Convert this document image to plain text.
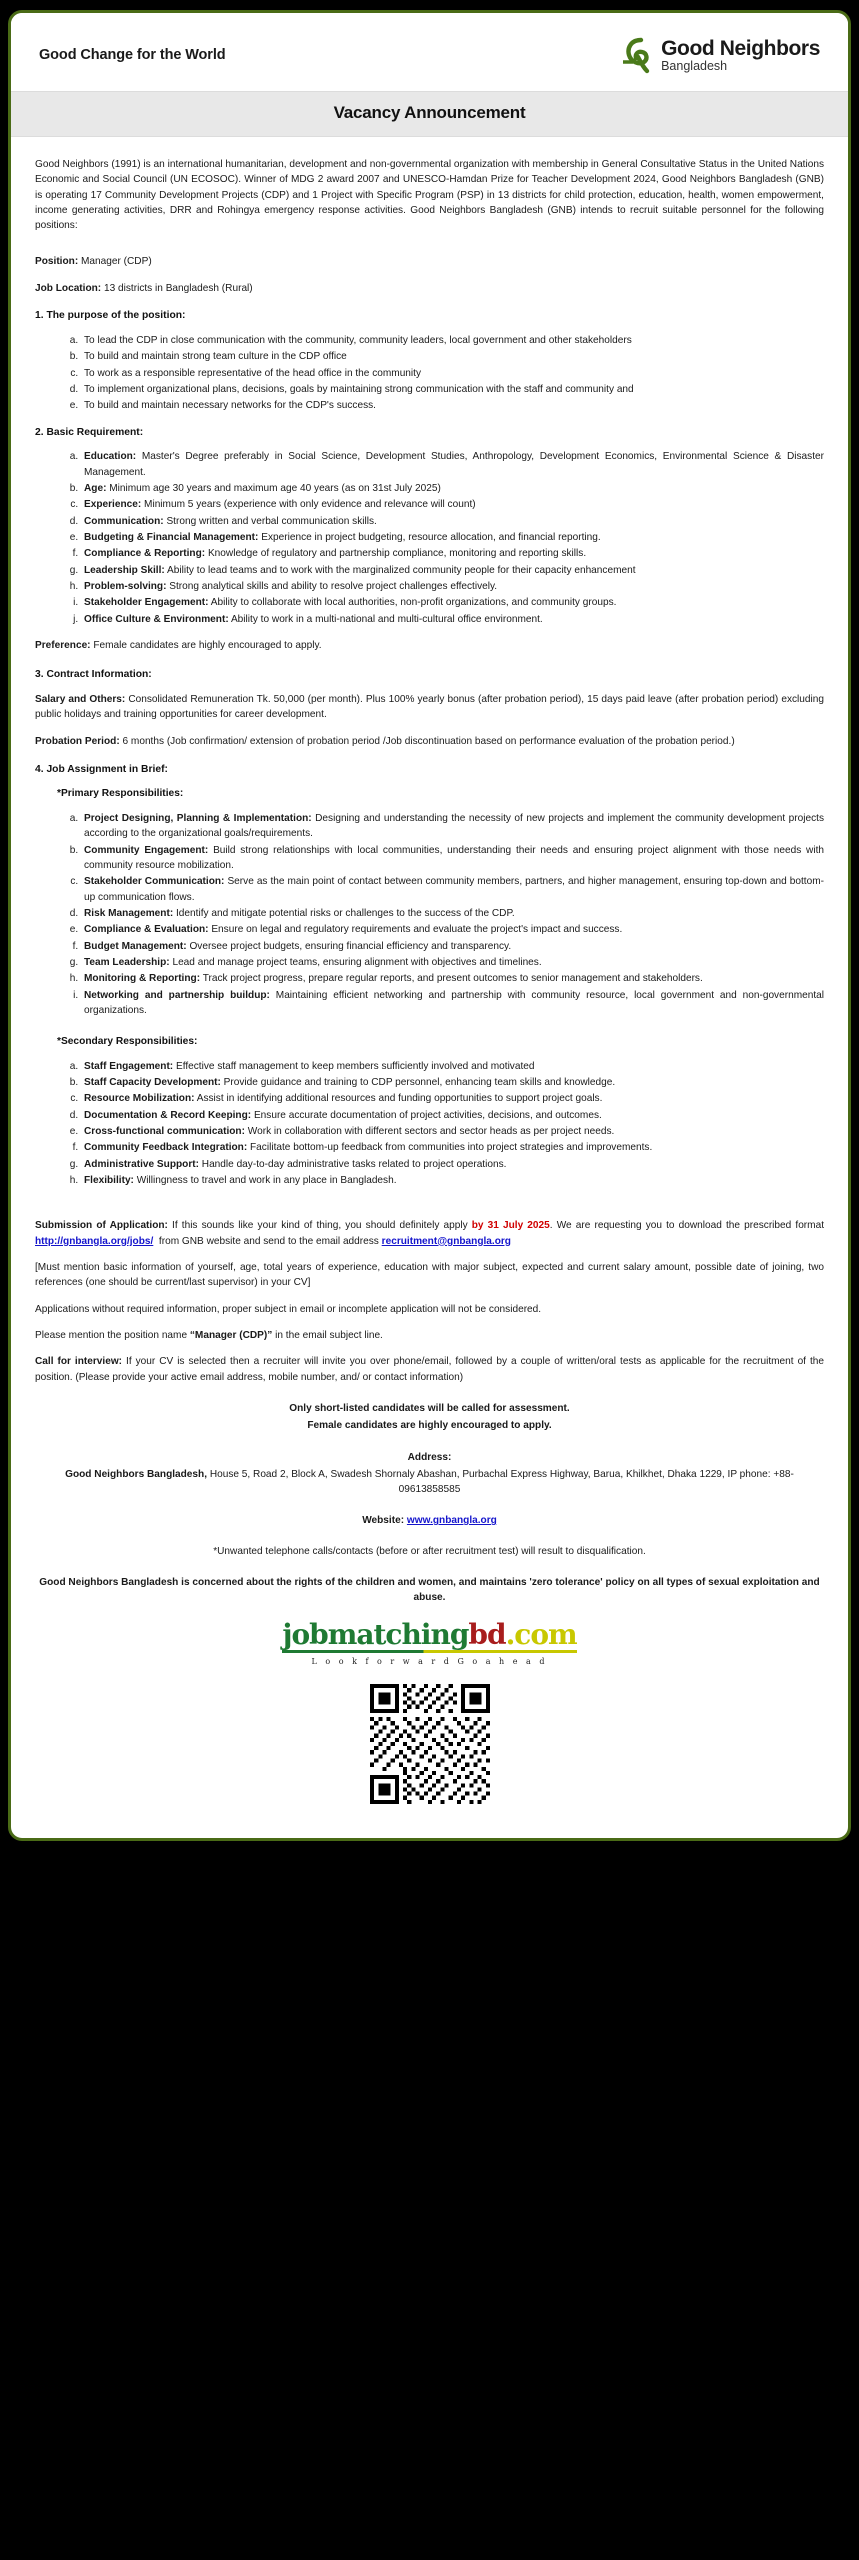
Good Change for the World	Good Neighbors
Bangladesh
Vacancy Announcement

Good Neighbors (1991) is an international humanitarian, development and non-governmental organization with membership in General Consultative Status in the United Nations Economic and Social Council (UN ECOSOC). Winner of MDG 2 award 2007 and UNESCO-Hamdan Prize for Teacher Development 2024, Good Neighbors Bangladesh (GNB) is operating 17 Community Development Projects (CDP) and 1 Project with Specific Program (PSP) in 13 districts for child protection, education, health, women empowerment, income generating activities, DRR and Rohingya emergency response activities. Good Neighbors Bangladesh (GNB) intends to recruit suitable personnel for the following positions:

Position: Manager (CDP)
Job Location: 13 districts in Bangladesh (Rural)
1. The purpose of the position:
a. To lead the CDP in close communication with the community, community leaders, local government and other stakeholders
b. To build and maintain strong team culture in the CDP office
c. To work as a responsible representative of the head office in the community
d. To implement organizational plans, decisions, goals by maintaining strong communication with the staff and community and
e. To build and maintain necessary networks for the CDP's success.
2. Basic Requirement:
a. Education: Master's Degree preferably in Social Science, Development Studies, Anthropology, Development Economics, Environmental Science & Disaster Management.
b. Age: Minimum age 30 years and maximum age 40 years (as on 31st July 2025)
c. Experience: Minimum 5 years (experience with only evidence and relevance will count)
d. Communication: Strong written and verbal communication skills.
e. Budgeting & Financial Management: Experience in project budgeting, resource allocation, and financial reporting.
f. Compliance & Reporting: Knowledge of regulatory and partnership compliance, monitoring and reporting skills.
g. Leadership Skill: Ability to lead teams and to work with the marginalized community people for their capacity enhancement
h. Problem-solving: Strong analytical skills and ability to resolve project challenges effectively.
i. Stakeholder Engagement: Ability to collaborate with local authorities, non-profit organizations, and community groups.
j. Office Culture & Environment: Ability to work in a multi-national and multi-cultural office environment.
Preference: Female candidates are highly encouraged to apply.
3. Contract Information:

Salary and Others: Consolidated Remuneration Tk. 50,000 (per month). Plus 100% yearly bonus (after probation period), 15 days paid leave (after probation period) excluding public holidays and training opportunities for career development.

Probation Period: 6 months (Job confirmation/ extension of probation period /Job discontinuation based on performance evaluation of the probation period.)

4. Job Assignment in Brief:
*Primary Responsibilities:
a. Project Designing, Planning & Implementation: Designing and understanding the necessity of new projects and implement the community development projects according to the organizational goals/requirements.
b. Community Engagement: Build strong relationships with local communities, understanding their needs and ensuring project alignment with those needs with community resource mobilization.
c. Stakeholder Communication: Serve as the main point of contact between community members, partners, and higher management, ensuring top-down and bottom-up communication flows.
d. Risk Management: Identify and mitigate potential risks or challenges to the success of the CDP.
e. Compliance & Evaluation: Ensure on legal and regulatory requirements and evaluate the project's impact and success.
f. Budget Management: Oversee project budgets, ensuring financial efficiency and transparency.
g. Team Leadership: Lead and manage project teams, ensuring alignment with objectives and timelines.
h. Monitoring & Reporting: Track project progress, prepare regular reports, and present outcomes to senior management and stakeholders.
i. Networking and partnership buildup: Maintaining efficient networking and partnership with community resource, local government and non-governmental organizations.
*Secondary Responsibilities:
a. Staff Engagement: Effective staff management to keep members sufficiently involved and motivated
b. Staff Capacity Development: Provide guidance and training to CDP personnel, enhancing team skills and knowledge.
c. Resource Mobilization: Assist in identifying additional resources and funding opportunities to support project goals.
d. Documentation & Record Keeping: Ensure accurate documentation of project activities, decisions, and outcomes.
e. Cross-functional communication: Work in collaboration with different sectors and sector heads as per project needs.
f. Community Feedback Integration: Facilitate bottom-up feedback from communities into project strategies and improvements.
g. Administrative Support: Handle day-to-day administrative tasks related to project operations.
h. Flexibility: Willingness to travel and work in any place in Bangladesh.

Submission of Application: If this sounds like your kind of thing, you should definitely apply by 31 July 2025. We are requesting you to download the prescribed format http://gnbangla.org/jobs/ from GNB website and send to the email address recruitment@gnbangla.org

[Must mention basic information of yourself, age, total years of experience, education with major subject, expected and current salary amount, possible date of joining, two references (one should be current/last supervisor) in your CV]

Applications without required information, proper subject in email or incomplete application will not be considered.

Please mention the position name “Manager (CDP)” in the email subject line.

Call for interview: If your CV is selected then a recruiter will invite you over phone/email, followed by a couple of written/oral tests as applicable for the recruitment of the position. (Please provide your active email address, mobile number, and/ or contact information)

Only short-listed candidates will be called for assessment.
Female candidates are highly encouraged to apply.
Address:
Good Neighbors Bangladesh, House 5, Road 2, Block A, Swadesh Shornaly Abashan, Purbachal Express Highway, Barua, Khilkhet, Dhaka 1229, IP phone: +88-09613858585
Website: www.gnbangla.org
*Unwanted telephone calls/contacts (before or after recruitment test) will result to disqualification.
Good Neighbors Bangladesh is concerned about the rights of the children and women, and maintains 'zero tolerance' policy on all types of sexual exploitation and abuse.
jobmatchingbd.com
L o o k f o r w a r d G o a h e a d
